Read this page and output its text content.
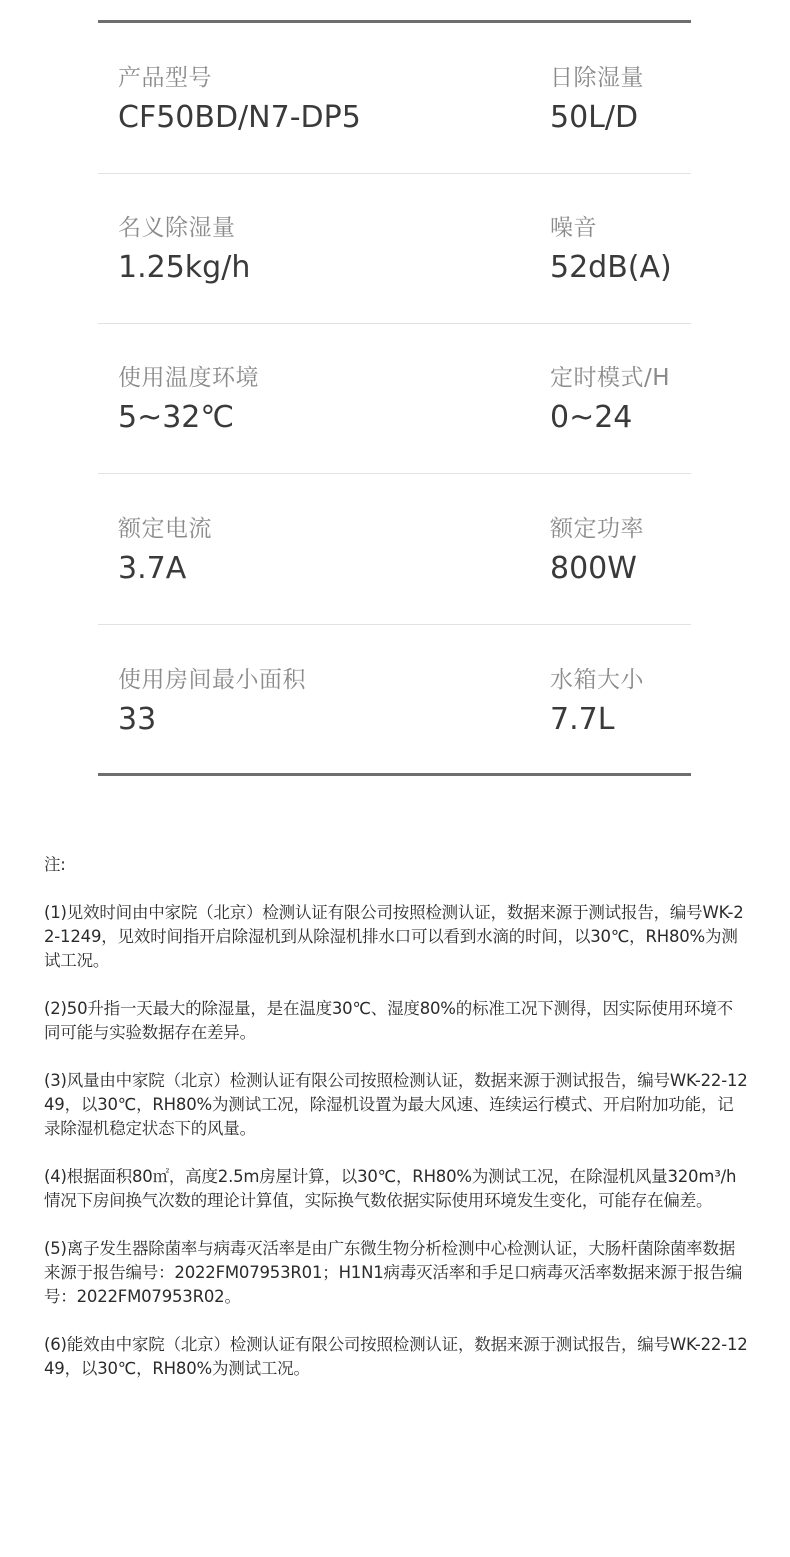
产品型号
CF50BD/N7-DP5
日除湿量
50L/D
名义除湿量
1.25kg/h
噪音
52dB(A)
使用温度环境
5~32℃
定时模式/H
0~24
额定电流
3.7A
额定功率
800W
使用房间最小面积
33
水箱大小
7.7L

注:

(1)见效时间由中家院（北京）检测认证有限公司按照检测认证，数据来源于测试报告，编号WK-22-1249，见效时间指开启除湿机到从除湿机排水口可以看到水滴的时间，以30℃，RH80%为测试工况。

(2)50升指一天最大的除湿量，是在温度30℃、湿度80%的标准工况下测得，因实际使用环境不同可能与实验数据存在差异。

(3)风量由中家院（北京）检测认证有限公司按照检测认证，数据来源于测试报告，编号WK-22-1249，以30℃，RH80%为测试工况，除湿机设置为最大风速、连续运行模式、开启附加功能，记录除湿机稳定状态下的风量。

(4)根据面积80㎡，高度2.5m房屋计算，以30℃，RH80%为测试工况，在除湿机风量320m³/h情况下房间换气次数的理论计算值，实际换气数依据实际使用环境发生变化，可能存在偏差。

(5)离子发生器除菌率与病毒灭活率是由广东微生物分析检测中心检测认证，大肠杆菌除菌率数据来源于报告编号：2022FM07953R01；H1N1病毒灭活率和手足口病毒灭活率数据来源于报告编号：2022FM07953R02。

(6)能效由中家院（北京）检测认证有限公司按照检测认证，数据来源于测试报告，编号WK-22-1249，以30℃，RH80%为测试工况。
